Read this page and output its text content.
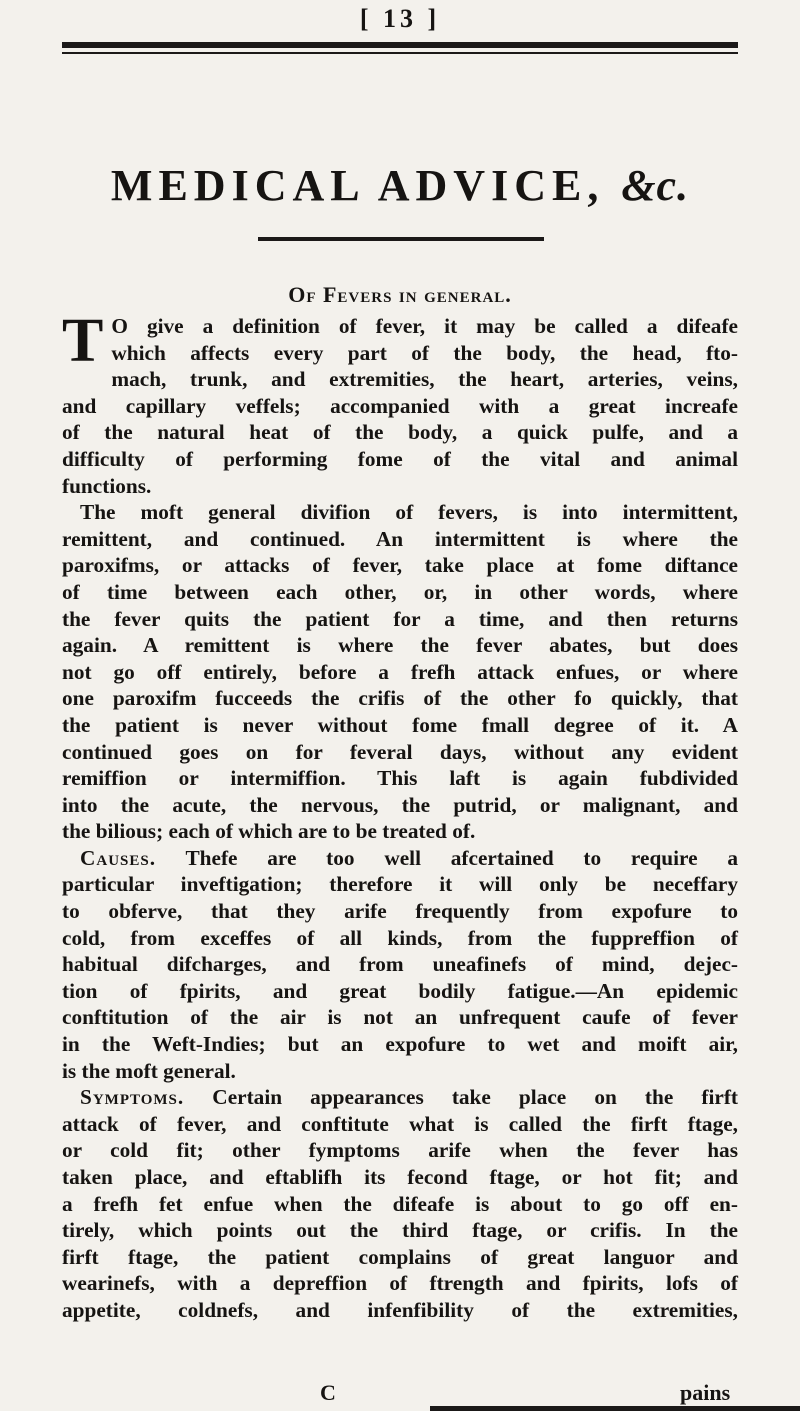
[ 13 ]
MEDICAL ADVICE, &c.
Of Fevers in general.
T O give a definition of fever, it may be called a difeafe
which affects every part of the body, the head, fto-
mach, trunk, and extremities, the heart, arteries, veins,
and capillary veffels; accompanied with a great increafe
of the natural heat of the body, a quick pulfe, and a
difficulty of performing fome of the vital and animal
functions.
The moft general divifion of fevers, is into intermittent,
remittent, and continued. An intermittent is where the
paroxifms, or attacks of fever, take place at fome diftance
of time between each other, or, in other words, where
the fever quits the patient for a time, and then returns
again. A remittent is where the fever abates, but does
not go off entirely, before a frefh attack enfues, or where
one paroxifm fucceeds the crifis of the other fo quickly, that
the patient is never without fome fmall degree of it. A
continued goes on for feveral days, without any evident
remiffion or intermiffion. This laft is again fubdivided
into the acute, the nervous, the putrid, or malignant, and
the bilious; each of which are to be treated of.
Causes. Thefe are too well afcertained to require a
particular inveftigation; therefore it will only be neceffary
to obferve, that they arife frequently from expofure to
cold, from exceffes of all kinds, from the fuppreffion of
habitual difcharges, and from uneafinefs of mind, dejec-
tion of fpirits, and great bodily fatigue.—An epidemic
conftitution of the air is not an unfrequent caufe of fever
in the Weft-Indies; but an expofure to wet and moift air,
is the moft general.
Symptoms. Certain appearances take place on the firft
attack of fever, and conftitute what is called the firft ftage,
or cold fit; other fymptoms arife when the fever has
taken place, and eftablifh its fecond ftage, or hot fit; and
a frefh fet enfue when the difeafe is about to go off en-
tirely, which points out the third ftage, or crifis. In the
firft ftage, the patient complains of great languor and
wearinefs, with a depreffion of ftrength and fpirits, lofs of
appetite, coldnefs, and infenfibility of the extremities,
C	pains
